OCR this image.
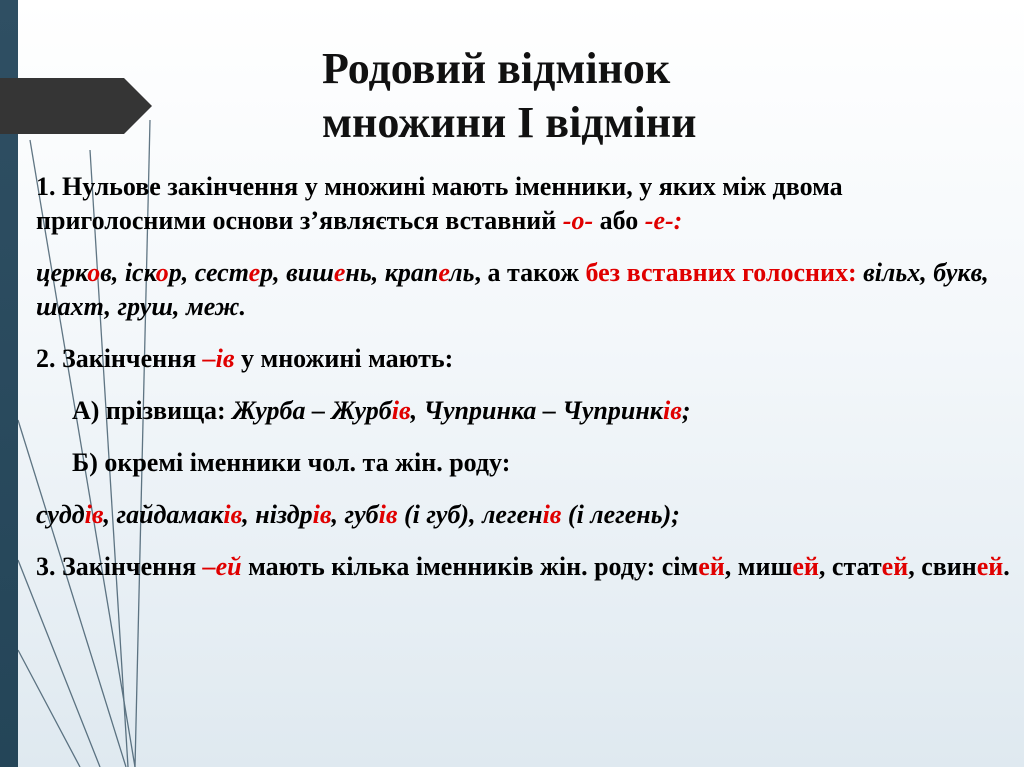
Родовий відмінок
множини І відміни

1. Нульове закінчення у множині мають іменники, у яких між двома приголосними основи з’являється вставний -о- або -е-:

церков, іскор, сестер, вишень, крапель, а також без вставних голосних: вільх, букв, шахт, груш, меж.

2. Закінчення –ів у множині мають:

А) прізвища: Журба – Журбів, Чупринка – Чупринків;

Б) окремі іменники чол. та жін. роду:

суддів, гайдамаків, ніздрів, губів (і губ), легенів (і легень);

3. Закінчення –ей мають кілька іменників жін. роду: сімей, мишей, статей, свиней.
